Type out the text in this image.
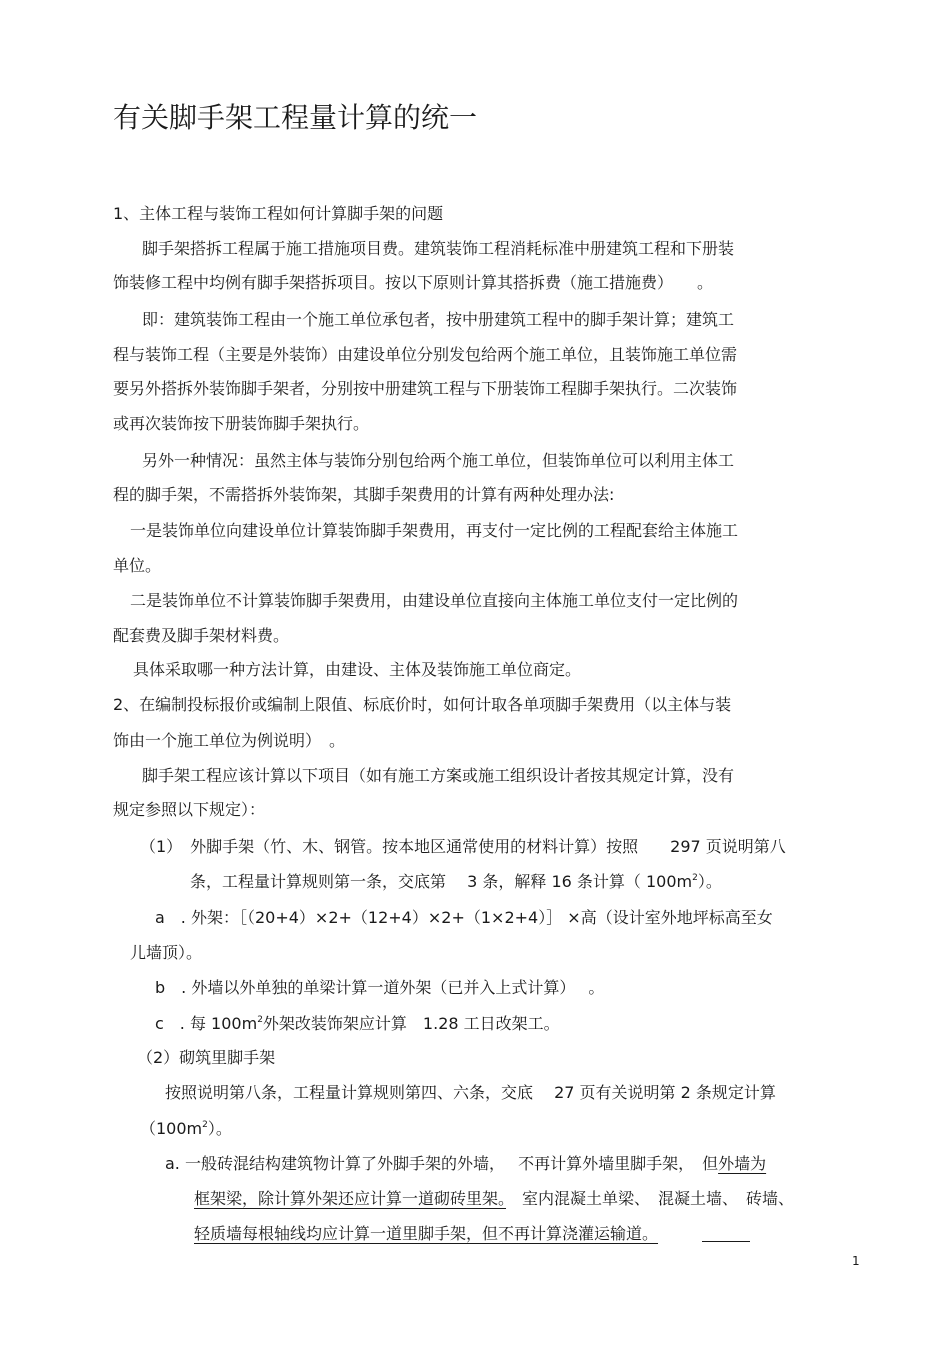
有关脚手架工程量计算的统一
1、主体工程与装饰工程如何计算脚手架的问题
脚手架搭拆工程属于施工措施项目费。建筑装饰工程消耗标准中册建筑工程和下册装
饰装修工程中均例有脚手架搭拆项目。按以下原则计算其搭拆费（施工措施费）　　。
即：建筑装饰工程由一个施工单位承包者，按中册建筑工程中的脚手架计算；建筑工
程与装饰工程（主要是外装饰）由建设单位分别发包给两个施工单位，且装饰施工单位需
要另外搭拆外装饰脚手架者，分别按中册建筑工程与下册装饰工程脚手架执行。二次装饰
或再次装饰按下册装饰脚手架执行。
另外一种情况：虽然主体与装饰分别包给两个施工单位，但装饰单位可以利用主体工
程的脚手架，不需搭拆外装饰架，其脚手架费用的计算有两种处理办法:
一是装饰单位向建设单位计算装饰脚手架费用，再支付一定比例的工程配套给主体施工
单位。
二是装饰单位不计算装饰脚手架费用，由建设单位直接向主体施工单位支付一定比例的
配套费及脚手架材料费。
具体采取哪一种方法计算，由建设、主体及装饰施工单位商定。
2、在编制投标报价或编制上限值、标底价时，如何计取各单项脚手架费用（以主体与装
饰由一个施工单位为例说明）　。
脚手架工程应该计算以下项目（如有施工方案或施工组织设计者按其规定计算，没有
规定参照以下规定）：
（1）　外脚手架（竹、木、钢管。按本地区通常使用的材料计算）按照　　297 页说明第八
条，工程量计算规则第一条，交底第　 3 条，解释 16 条计算（ $100m^2$）。
a　. 外架：［（20+4）×2+（12+4）×2+（1×2+4）］ ×高（设计室外地坪标高至女
儿墙顶）。
b　. 外墙以外单独的单梁计算一道外架（已并入上式计算）　 。
c　. 每 $100m^2$外架改装饰架应计算　1.28 工日改架工。
（2）砌筑里脚手架
按照说明第八条，工程量计算规则第四、六条，交底　 27 页有关说明第 2 条规定计算
$(100m^2)$。
a. 一般砖混结构建筑物计算了外脚手架的外墙，　 不再计算外墙里脚手架，　但外墙为
框架梁，除计算外架还应计算一道砌砖里架。　室内混凝土单梁、　混凝土墙、　砖墙、
轻质墙每根轴线均应计算一道里脚手架，但不再计算浇灌运输道。
1
